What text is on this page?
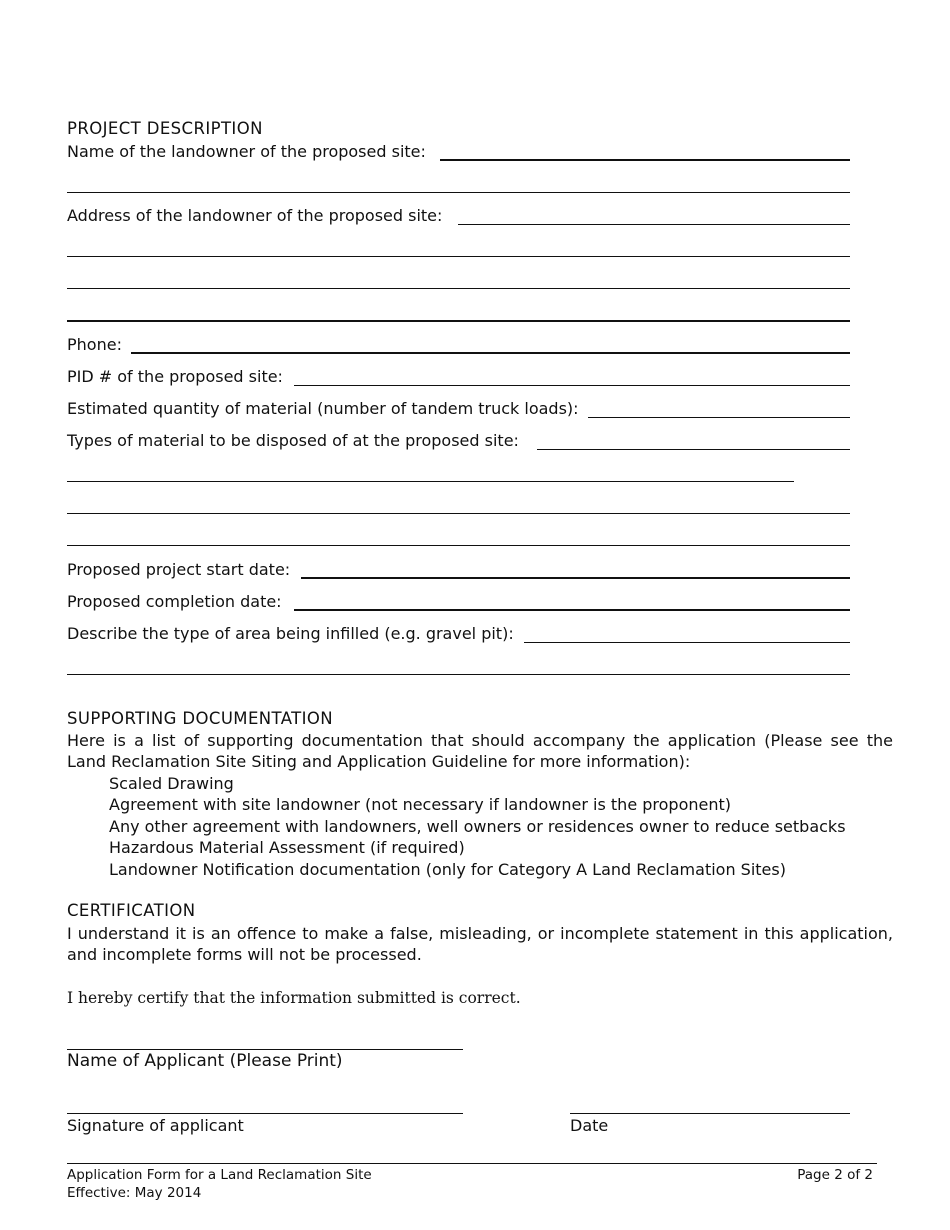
PROJECT DESCRIPTION
Name of the landowner of the proposed site:
Address of the landowner of the proposed site:
Phone:
PID # of the proposed site:
Estimated quantity of material (number of tandem truck loads):
Types of material to be disposed of at the proposed site:
Proposed project start date:
Proposed completion date:
Describe the type of area being infilled (e.g. gravel pit):
SUPPORTING DOCUMENTATION
Here is a list of supporting documentation that should accompany the application (Please see the Land Reclamation Site Siting and Application Guideline for more information):
Scaled Drawing
Agreement with site landowner (not necessary if landowner is the proponent)
Any other agreement with landowners, well owners or residences owner to reduce setbacks
Hazardous Material Assessment (if required)
Landowner Notification documentation (only for Category A Land Reclamation Sites)
CERTIFICATION
I understand it is an offence to make a false, misleading, or incomplete statement in this application, and incomplete forms will not be processed.
I hereby certify that the information submitted is correct.
Name of Applicant (Please Print)
Signature of applicant	Date
Application Form for a Land Reclamation Site
Effective: May 2014
Page 2 of 2
